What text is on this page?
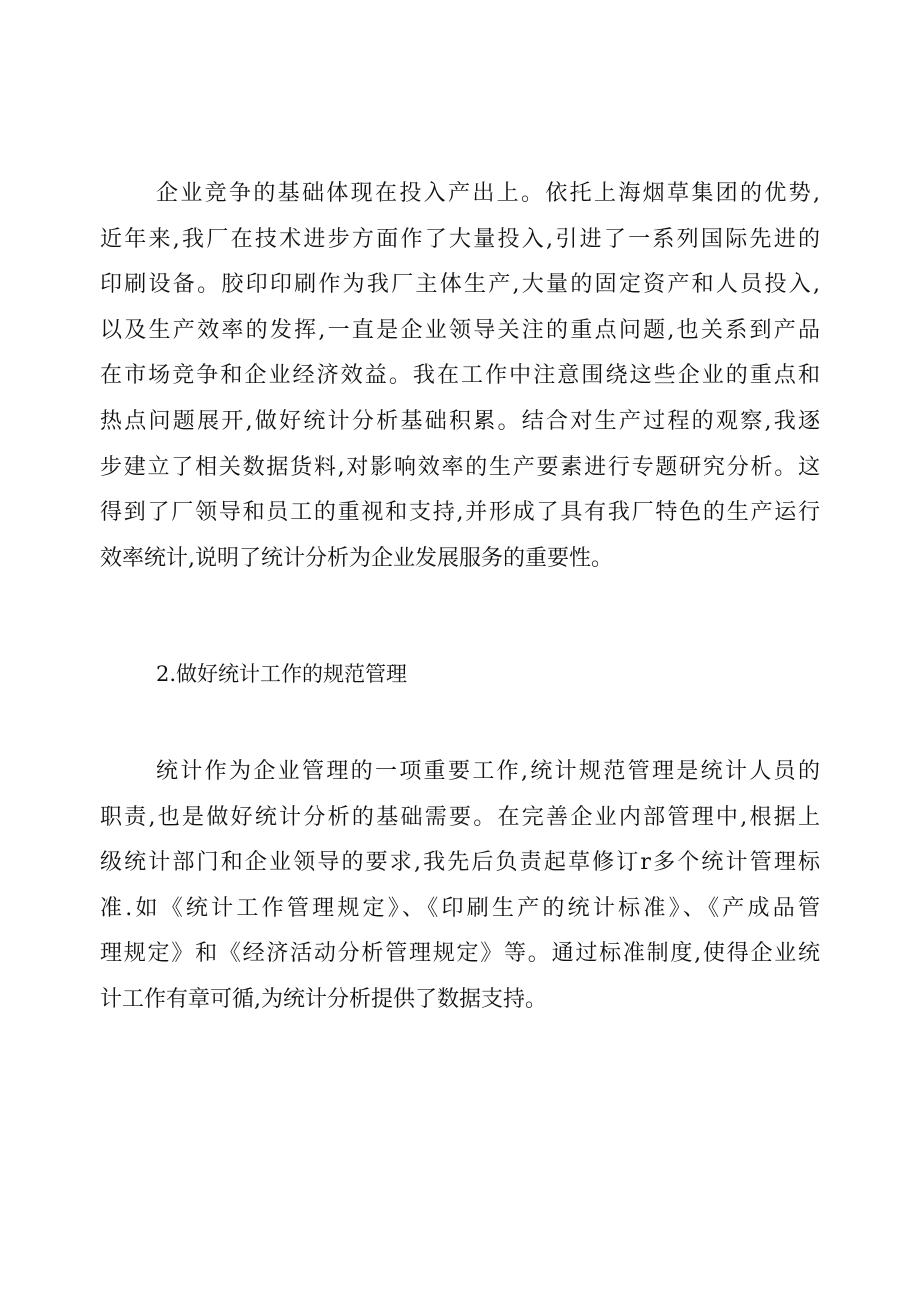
企业竞争的基础体现在投入产出上。依托上海烟草集团的优势,
近年来,我厂在技术进步方面作了大量投入,引进了一系列国际先进的
印刷设备。胶印印刷作为我厂主体生产,大量的固定资产和人员投入,
以及生产效率的发挥,一直是企业领导关注的重点问题,也关系到产品
在市场竞争和企业经济效益。我在工作中注意围绕这些企业的重点和
热点问题展开,做好统计分析基础积累。结合对生产过程的观察,我逐
步建立了相关数据货料,对影响效率的生产要素进行专题研究分析。这
得到了厂领导和员工的重视和支持,并形成了具有我厂特色的生产运行
效率统计,说明了统计分析为企业发展服务的重要性。
2.做好统计工作的规范管理
统计作为企业管理的一项重要工作,统计规范管理是统计人员的
职责,也是做好统计分析的基础需要。在完善企业内部管理中,根据上
级统计部门和企业领导的要求,我先后负责起草修订r多个统计管理标
准.如《统计工作管理规定》、《印刷生产的统计标准》、《产成品管
理规定》和《经济活动分析管理规定》等。通过标准制度,使得企业统
计工作有章可循,为统计分析提供了数据支持。
